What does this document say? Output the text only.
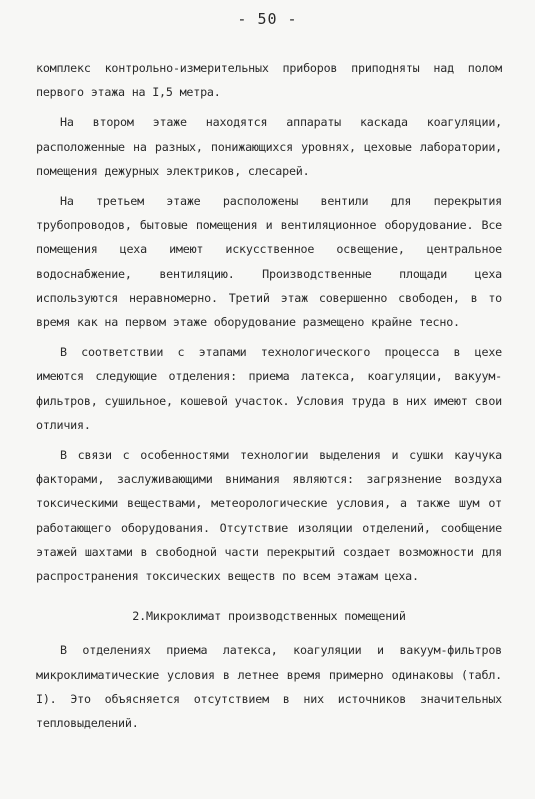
- 50 -

комплекс контрольно-измерительных приборов приподняты над полом первого этажа на I,5 метра.

На втором этаже находятся аппараты каскада коагуляции, расположенные на разных, понижающихся уровнях, цеховые лаборатории, помещения дежурных электриков, слесарей.

На третьем этаже расположены вентили для перекрытия трубопроводов, бытовые помещения и вентиляционное оборудование. Все помещения цеха имеют искусственное освещение, центральное водоснабжение, вентиляцию. Производственные площади цеха используются неравномерно. Третий этаж совершенно свободен, в то время как на первом этаже оборудование размещено крайне тесно.

В соответствии с этапами технологического процесса в цехе имеются следующие отделения: приема латекса, коагуляции, вакуум-фильтров, сушильное, кошевой участок. Условия труда в них имеют свои отличия.

В связи с особенностями технологии выделения и сушки каучука факторами, заслуживающими внимания являются: загрязнение воздуха токсическими веществами, метеорологические условия, а также шум от работающего оборудования. Отсутствие изоляции отделений, сообщение этажей шахтами в свободной части перекрытий создает возможности для распространения токсических веществ по всем этажам цеха.

2.Микроклимат производственных помещений

В отделениях приема латекса, коагуляции и вакуум-фильтров микроклиматические условия в летнее время примерно одинаковы (табл. I). Это объясняется отсутствием в них источников значительных тепловыделений.
